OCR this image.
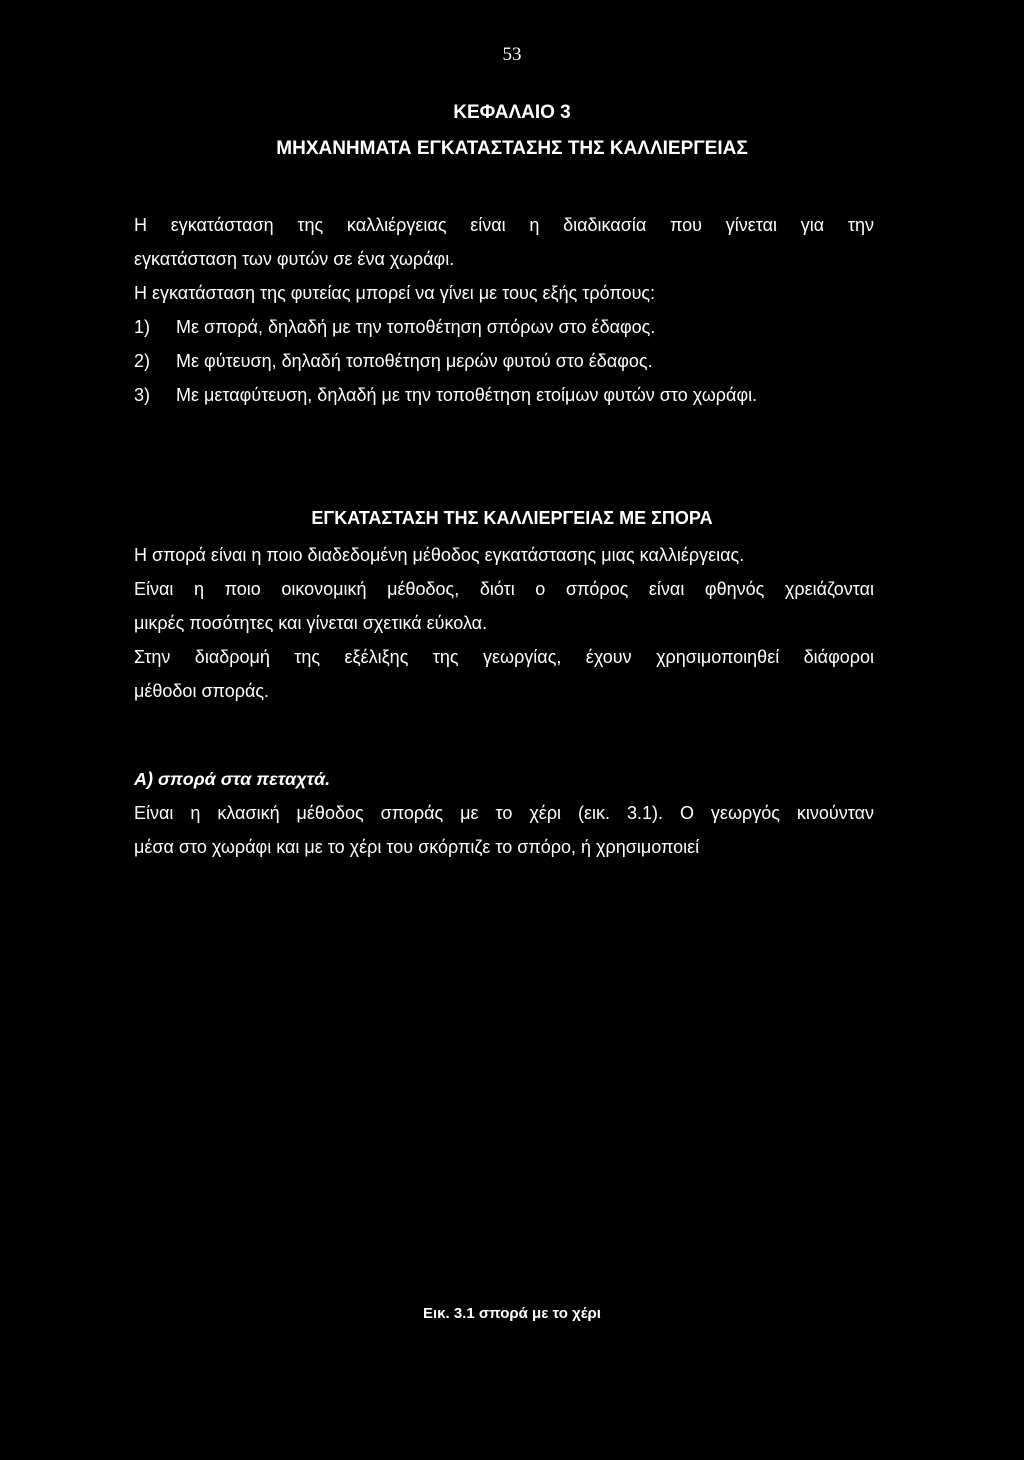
53
ΚΕΦΑΛΑΙΟ 3
ΜΗΧΑΝΗΜΑΤΑ ΕΓΚΑΤΑΣΤΑΣΗΣ ΤΗΣ ΚΑΛΛΙΕΡΓΕΙΑΣ
Η εγκατάσταση της καλλιέργειας είναι η διαδικασία που γίνεται για την
εγκατάσταση των φυτών σε ένα χωράφι.
Η εγκατάσταση της φυτείας μπορεί να γίνει με τους εξής τρόπους:
1)	Με σπορά, δηλαδή με την τοποθέτηση σπόρων στο έδαφος.
2)	Με φύτευση, δηλαδή τοποθέτηση μερών φυτού στο έδαφος.
3)	Με μεταφύτευση, δηλαδή με την τοποθέτηση ετοίμων φυτών στο χωράφι.
ΕΓΚΑΤΑΣΤΑΣΗ ΤΗΣ ΚΑΛΛΙΕΡΓΕΙΑΣ ΜΕ ΣΠΟΡΑ
Η σπορά είναι η ποιο διαδεδομένη μέθοδος εγκατάστασης μιας καλλιέργειας.
Είναι η ποιο οικονομική μέθοδος, διότι ο σπόρος είναι φθηνός χρειάζονται
μικρές ποσότητες και γίνεται σχετικά εύκολα.
Στην διαδρομή της εξέλιξης της γεωργίας, έχουν χρησιμοποιηθεί διάφοροι
μέθοδοι σποράς.
Α) σπορά στα πεταχτά.
Είναι η κλασική μέθοδος σποράς με το χέρι (εικ. 3.1). Ο γεωργός κινούνταν
μέσα στο χωράφι και με το χέρι του σκόρπιζε το σπόρο, ή χρησιμοποιεί
Εικ. 3.1 σπορά με το χέρι
